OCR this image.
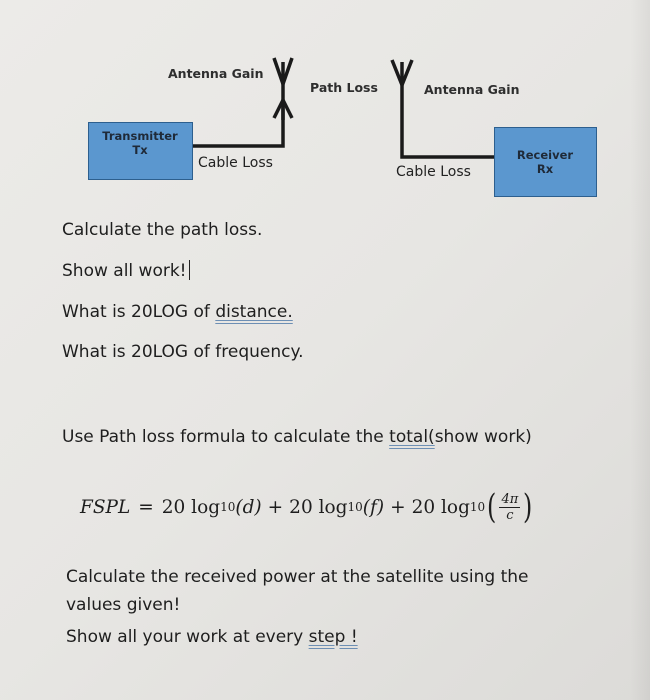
Antenna Gain
Path Loss	Antenna Gain
Transmitter
Tx	Receiver
Rx
Cable Loss
Cable Loss
Calculate the path loss.
Show all work!
What is 20LOG of distance.
What is 20LOG of frequency.
Use Path loss formula to calculate the total(show work)
FSPL = 20 log 10 (d) + 20 log 10 (f) + 20 log 10 ( $\frac{4\pi}{c}$ )
Calculate the received power at the satellite using the
values given!
Show all your work at every step !
